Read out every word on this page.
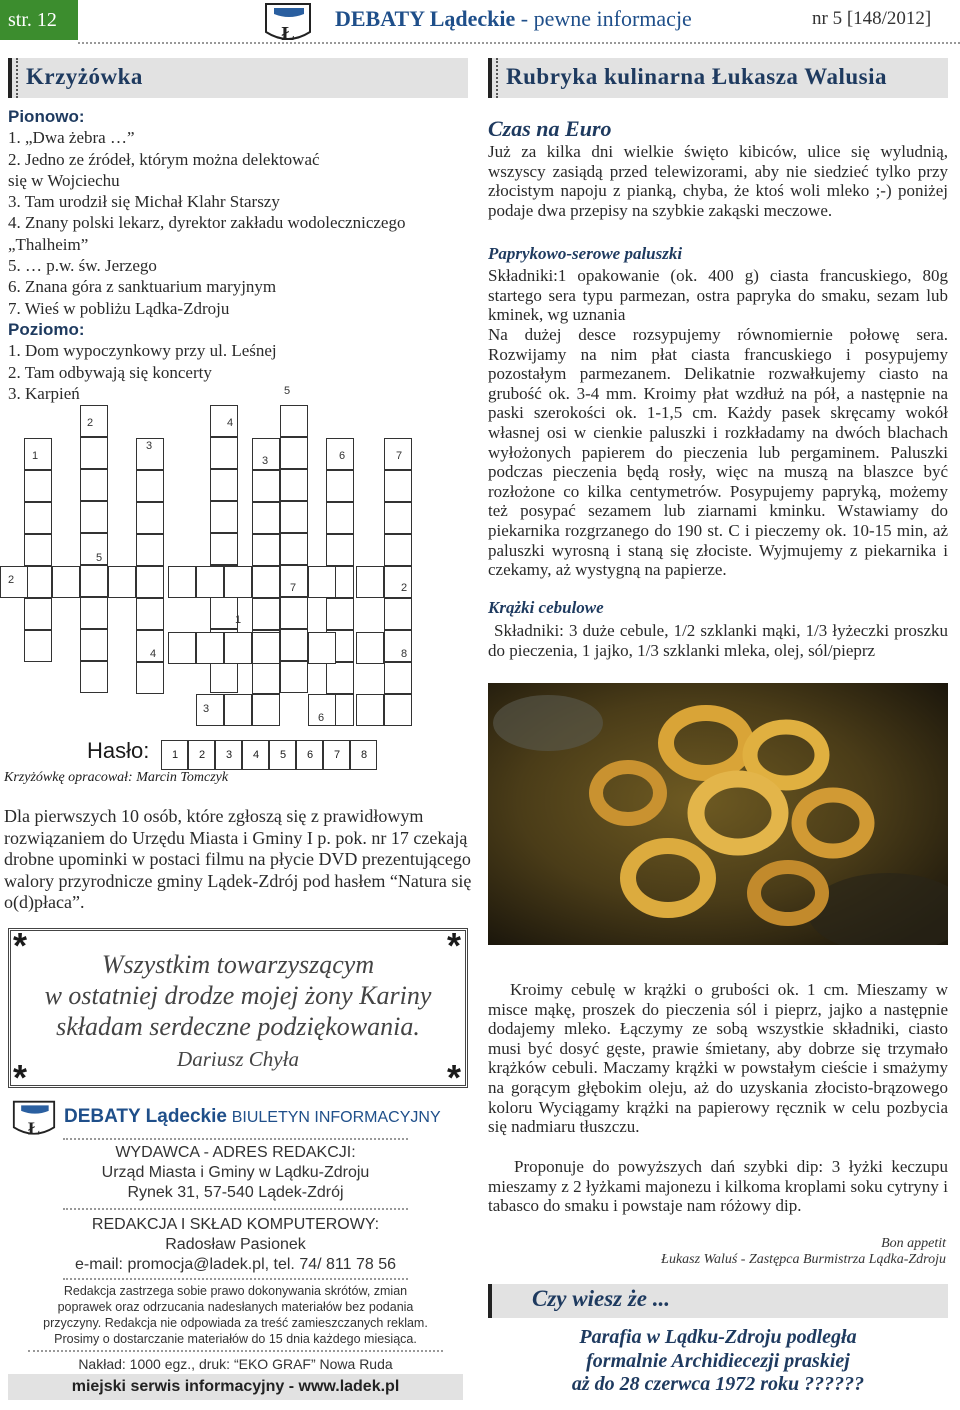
str. 12
Ł
DEBATY Lądeckie - pewne informacje	nr 5 [148/2012]
Krzyżówka
Pionowo:
1. „Dwa żebra …”
2. Jedno ze źródeł, którym można delektować
się w Wojciechu
3. Tam urodził się Michał Klahr Starszy
4. Znany polski lekarz, dyrektor zakładu wodoleczniczego
„Thalheim”
5. … p.w. św. Jerzego
6. Znana góra z sanktuarium maryjnym
7. Wieś w pobliżu Lądka-Zdroju
Poziomo:
1. Dom wypoczynkowy przy ul. Leśnej
2. Tam odbywają się koncerty
3. Karpień
1
2
3
4
5
3	6	7
5
2
7	2
1
4	8
3
6
Hasło: 1 2 3 4 5 6 7 8
Krzyżówkę opracował: Marcin Tomczyk
Dla pierwszych 10 osób, które zgłoszą się z prawidłowym rozwiązaniem do Urzędu Miasta i Gminy I p. pok. nr 17 czekają drobne upominki w postaci filmu na płycie DVD prezentującego walory przyrodnicze gminy Lądek-Zdrój pod hasłem “Natura się o(d)płaca”.
*	*
*	*
Wszystkim towarzyszącym
w ostatniej drodze mojej żony Kariny
składam serdeczne podziękowania.
Dariusz Chyła
Ł
DEBATY Lądeckie BIULETYN INFORMACYJNY
WYDAWCA - ADRES REDAKCJI:
Urząd Miasta i Gminy w Lądku-Zdroju
Rynek 31, 57-540 Lądek-Zdrój
REDAKCJA I SKŁAD KOMPUTEROWY:
Radosław Pasionek
e-mail: promocja@ladek.pl, tel. 74/ 811 78 56
Redakcja zastrzega sobie prawo dokonywania skrótów, zmian
poprawek oraz odrzucania nadesłanych materiałów bez podania
przyczyny. Redakcja nie odpowiada za treść zamieszczanych reklam.
Prosimy o dostarczanie materiałów do 15 dnia każdego miesiąca.
Nakład: 1000 egz., druk: “EKO GRAF” Nowa Ruda
miejski serwis informacyjny - www.ladek.pl
Rubryka kulinarna Łukasza Walusia
Czas na Euro
Już za kilka dni wielkie święto kibiców, ulice się wyludnią, wszyscy zasiądą przed telewizorami, aby nie siedzieć tylko przy złocistym napoju z pianką, chyba, że ktoś woli mleko ;-) poniżej podaje dwa przepisy na szybkie zakąski meczowe.
Paprykowo-serowe paluszki
Składniki:1 opakowanie (ok. 400 g) ciasta francuskiego, 80g startego sera typu parmezan, ostra papryka do smaku, sezam lub kminek, wg uznania
Na dużej desce rozsypujemy równomiernie połowę sera. Rozwijamy na nim płat ciasta francuskiego i posypujemy pozostałym parmezanem. Delikatnie rozwałkujemy ciasto na grubość ok. 3-4 mm. Kroimy płat wzdłuż na pół, a następnie na paski szerokości ok. 1-1,5 cm. Każdy pasek skręcamy wokół własnej osi w cienkie paluszki i rozkładamy na dwóch blachach wyłożonych papierem do pieczenia lub pergaminem. Paluszki podczas pieczenia będą rosły, więc na muszą na blaszce być rozłożone co kilka centymetrów. Posypujemy papryką, możemy też posypać sezamem lub ziarnami kminku. Wstawiamy do piekarnika rozgrzanego do 190 st. C i pieczemy ok. 10-15 min, aż paluszki wyrosną i staną się złociste. Wyjmujemy z piekarnika i czekamy, aż wystygną na papierze.
Krążki cebulowe
Składniki: 3 duże cebule, 1/2 szklanki mąki, 1/3 łyżeczki proszku do pieczenia, 1 jajko, 1/3 szklanki mleka, olej, sól/pieprz
Kroimy cebulę w krążki o grubości ok. 1 cm. Mieszamy w misce mąkę, proszek do pieczenia sól i pieprz, jajko a następnie dodajemy mleko. Łączymy ze sobą wszystkie składniki, ciasto musi być dosyć gęste, prawie śmietany, aby dobrze się trzymało krążków cebuli. Maczamy krążki w powstałym cieście i smażymy na gorącym głębokim oleju, aż do uzyskania złocisto-brązowego koloru Wyciągamy krążki na papierowy ręcznik w celu pozbycia się nadmiaru tłuszczu.
Proponuje do powyższych dań szybki dip: 3 łyżki keczupu mieszamy z 2 łyżkami majonezu i kilkoma kroplami soku cytryny i tabasco do smaku i powstaje nam różowy dip.
Bon appetit
Łukasz Waluś - Zastępca Burmistrza Lądka-Zdroju
Czy wiesz że ...
Parafia w Lądku-Zdroju podległa
formalnie Archidiecezji praskiej
aż do 28 czerwca 1972 roku ??????
